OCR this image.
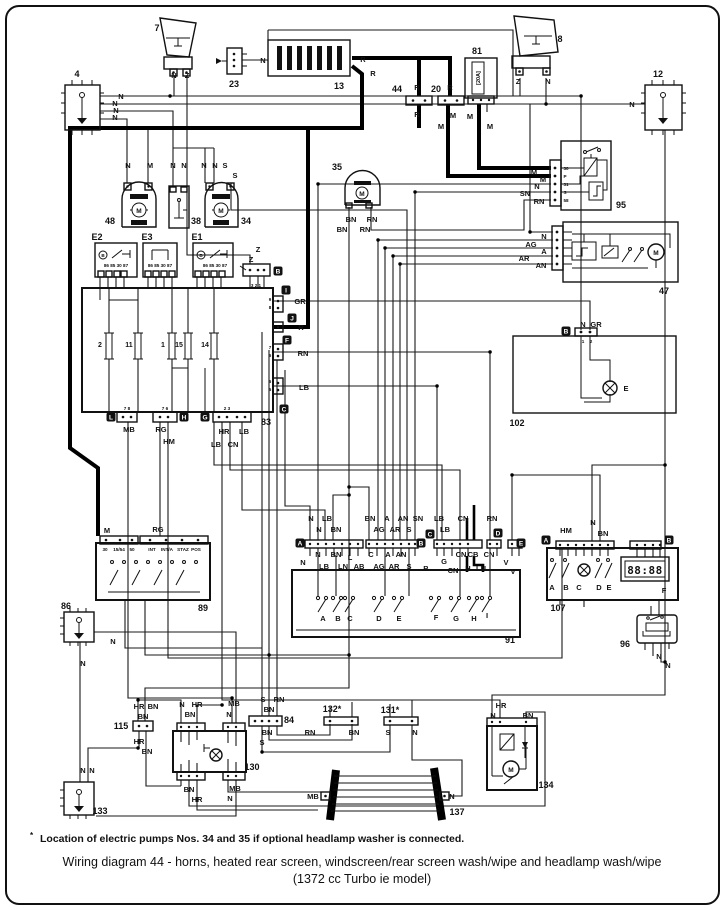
[20A]
88:88
4
7
23	13	44	20
81
8
12
48	38	34
35
95
47
E2	E3	E1
83	102
89
86
91
107
96
115
130
133
84
132*	131*
137
134
N Z
N
N
N
N
N	R
R
R
R
R
M
M
M
M
Z	N
N
N M N N N N S
S
Z
Z
BN RN
BN RN
M
M
N
SN
RN
N
AG
A
AR
AN
N GR
E
GR
R
RN
LB
MB	RG
HM
HR LB
LB CN
M	RG
N
N
N LB
N BN
BN A AN SN
AG AR S
LB
LB
CN RN
N
N BN
LB LN
L
AB
C A AN
AG AR S B
G
CN
CN CB CN
H LN
V
V
A B C	D E	F G H I
HM
N
BN
A B C D E	F
N
N
HR BN
BN
HR
BN
N HR
BN
MB
N
BN
HR
MB
N
N N
S RN
BN
BN
S
RN	BN	S	N
MB	N
HR
N	BN
3 2 1
9
8
7
6
6
5
7 8	7 6	2 3
86 85 30 87	86 85 30 87	86 85 30 87
30 15/54 50	INT INT/A STAZ POS
30
P
31
S
58
1 2
B	B
2	11	1 15	14
M	M
M
M
M
B
I
J
F
C
L	H G
A	B
C	D
E	A	B
B
* Location of electric pumps Nos. 34 and 35 if optional headlamp washer is connected.
Wiring diagram 44 - horns, heated rear screen, windscreen/rear screen wash/wipe and headlamp wash/wipe
(1372 cc Turbo ie model)
